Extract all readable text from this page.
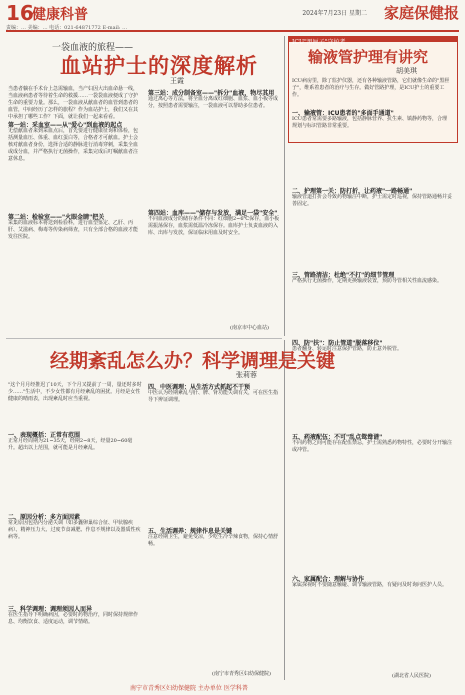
16
健康科普	2024年7月23日 星期二 家庭保健报
责编：… 美编：… 电话：021-64871772 E-mail: …
一袋血液的旅程——
血站护士的深度解析
王霞
当患者躺在手术台上急需输血，当产妇因大出血命悬一线，当血液病患者等待着生命的救援……一袋袋血液便成了守护生命的重要力量。那么，一袋血液从献血者的血管到患者的血管，中间经历了怎样的旅程？作为血站护士，我们又在其中承担了哪些工作？下面，就让我们一起来看看。
第一站：采血室——从"爱心"到血液的起点
无偿献血者来到采血点后，首先要进行健康征询和体检，包括测量血压、体重、血红蛋白等，合格者才可献血。护士会核对献血者身份，选择合适的静脉进行消毒穿刺，采集全血或成分血，并严格执行无菌操作，采集完成后叮嘱献血者注意休息。
第二站：检验室——"火眼金睛"把关
采集的血液标本将送到检验科，进行血型鉴定、乙肝、丙肝、艾滋病、梅毒等传染病筛查，只有全部合格的血液才能发往医院。
第三站：成分制备室——"拆分"血液，物尽其用
通过离心等方法，将全血分离成红细胞、血浆、血小板等成分，按照患者需要输注，一袋血液可以帮助多位患者。
第四站：血库——"储存与发放，满足一袋"安全"
不同血液成分的储存条件不同：红细胞2~6℃保存，血小板需振荡保存，血浆需低温冷冻保存。血库护士负责血液的入库、出库与发放，保证临床用血及时安全。
(南京市中心血站)
ICU"黑匣子"守护者
输液管护理有讲究
胡美琪
ICU病房里，除了监护仪器，还有各种输液管路，它们就像生命的"黑匣子"，维系着患者的治疗与生存。做好管路护理，是ICU护士的重要工作。
一、输液管：ICU患者的"多面手通道"
ICU患者常需要多路输液，包括静脉营养、抗生素、镇静药物等，合理规划与标识管路非常重要。
二、护理第一关：防打折，让药液"一路畅通"
输液管道打折会导致药物输注中断，护士需定时巡视，保持管路通畅并妥善固定。
三、管路清洁：杜绝"不打"的细节管理
严格执行无菌操作，定期更换输液装置，预防导管相关性血流感染。
四、防"扶"：防止管道"脱落移位"
患者翻身、转运时注意保护管路，防止意外脱管。
五、药液配伍：不可"乱点鸳鸯谱"
不同药物之间可能存在配伍禁忌，护士需熟悉药物特性，必要时分开输注或冲管。
六、家属配合：理解与协作
家属探视时不要随意触碰、调节输液管路，有疑问及时询问医护人员。
(湖北省人民医院)
经期紊乱怎么办？科学调理是关键
张莉蓉
"这个月月经推迟了10天，下个月又提前了一周，量还时多时少……"生活中，不少女性都有月经紊乱的困扰。月经是女性健康的晴雨表，出现紊乱时应当重视。
一、表现概括：正常有范围
正常月经周期为21~35天，经期2~8天，经量20~60毫升。超出以上范围，就可能是月经紊乱。
二、原因分析：多方面因素
常见原因包括内分泌失调（如多囊卵巢综合征、甲状腺疾病）、精神压力大、过度节食减肥、作息不规律以及器质性疾病等。
三、科学调理：调理须因人而异
在医生指导下明确病因，必要时药物治疗，同时保持规律作息、均衡饮食、适度运动，调节情绪。
四、中医调理：从生活方式抓起不干预
中医认为经期紊乱与肝、脾、肾功能失调有关，可在医生指导下辨证调理。
五、生活调养：规律作息是关键
注意经期卫生，避免受凉，少吃生冷辛辣食物，保持心情舒畅。
(南宁市青秀区妇幼保健院)
南宁市青秀区妇幼保健院 主办单位 医学科普
